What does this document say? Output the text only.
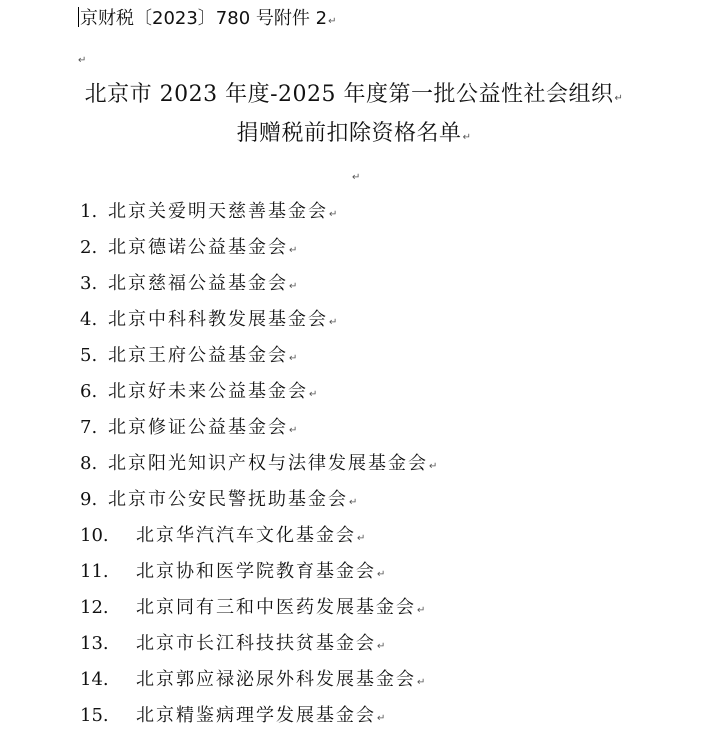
京财税〔2023〕780 号附件 2↵
↵
北京市 2023 年度-2025 年度第一批公益性社会组织↵
捐赠税前扣除资格名单↵
↵
1. 北京关爱明天慈善基金会↵
2. 北京德诺公益基金会↵
3. 北京慈福公益基金会↵
4. 北京中科科教发展基金会↵
5. 北京王府公益基金会↵
6. 北京好未来公益基金会↵
7. 北京修证公益基金会↵
8. 北京阳光知识产权与法律发展基金会↵
9. 北京市公安民警抚助基金会↵
10. 北京华汽汽车文化基金会↵
11. 北京协和医学院教育基金会↵
12. 北京同有三和中医药发展基金会↵
13. 北京市长江科技扶贫基金会↵
14. 北京郭应禄泌尿外科发展基金会↵
15. 北京精鉴病理学发展基金会↵
